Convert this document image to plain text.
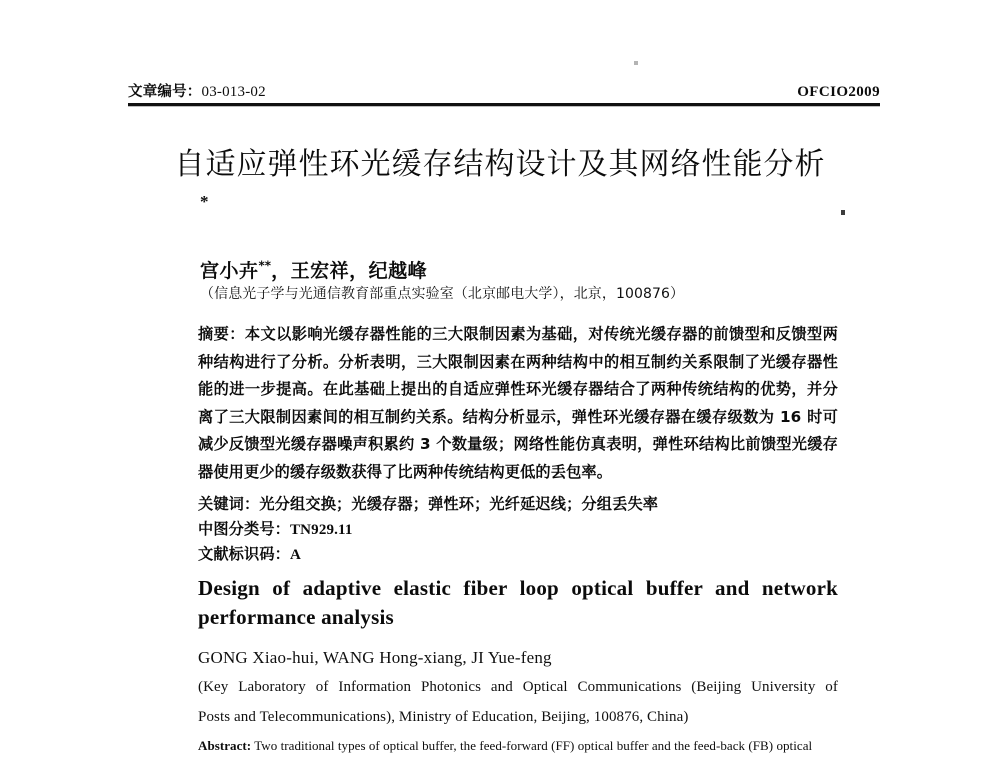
文章编号：03-013-02	OFCIO2009
自适应弹性环光缓存结构设计及其网络性能分析
*
宫小卉**，王宏祥，纪越峰
（信息光子学与光通信教育部重点实验室（北京邮电大学），北京，100876）
摘要：本文以影响光缓存器性能的三大限制因素为基础，对传统光缓存器的前馈型和反馈型两种结构进行了分析。分析表明，三大限制因素在两种结构中的相互制约关系限制了光缓存器性能的进一步提高。在此基础上提出的自适应弹性环光缓存器结合了两种传统结构的优势，并分离了三大限制因素间的相互制约关系。结构分析显示，弹性环光缓存器在缓存级数为 16 时可减少反馈型光缓存器噪声积累约 3 个数量级；网络性能仿真表明，弹性环结构比前馈型光缓存器使用更少的缓存级数获得了比两种传统结构更低的丢包率。
关键词：光分组交换；光缓存器；弹性环；光纤延迟线；分组丢失率
中图分类号：TN929.11
文献标识码：A
Design of adaptive elastic fiber loop optical buffer and network
performance analysis
GONG Xiao-hui, WANG Hong-xiang, JI Yue-feng
(Key Laboratory of Information Photonics and Optical Communications (Beijing University of
Posts and Telecommunications), Ministry of Education, Beijing, 100876, China)
Abstract: Two traditional types of optical buffer, the feed-forward (FF) optical buffer and the feed-back (FB) optical
